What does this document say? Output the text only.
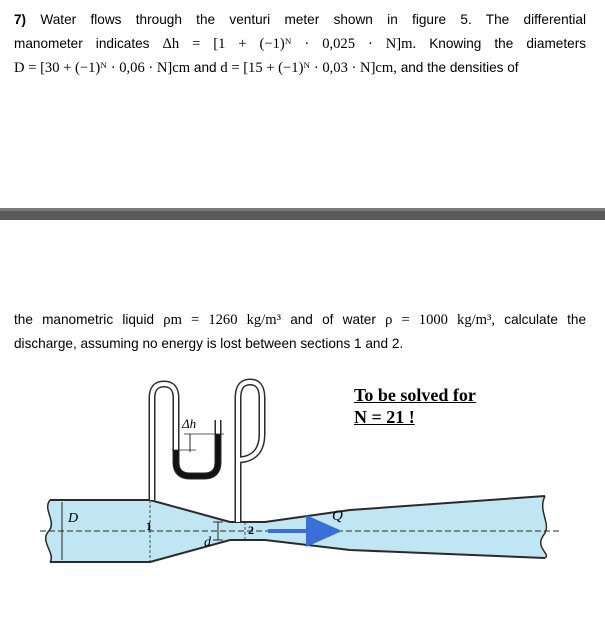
7) Water flows through the venturi meter shown in figure 5. The differential
manometer indicates Δh = [1 + (−1)ᴺ · 0,025 · N]m. Knowing the diameters
D = [30 + (−1)ᴺ · 0,06 · N]cm and d = [15 + (−1)ᴺ · 0,03 · N]cm, and the densities of
the manometric liquid ρm = 1260 kg/m³ and of water ρ = 1000 kg/m³, calculate the
discharge, assuming no energy is lost between sections 1 and 2.
D
d
1	2
Q
Δh
To be solved for
N = 21 !
